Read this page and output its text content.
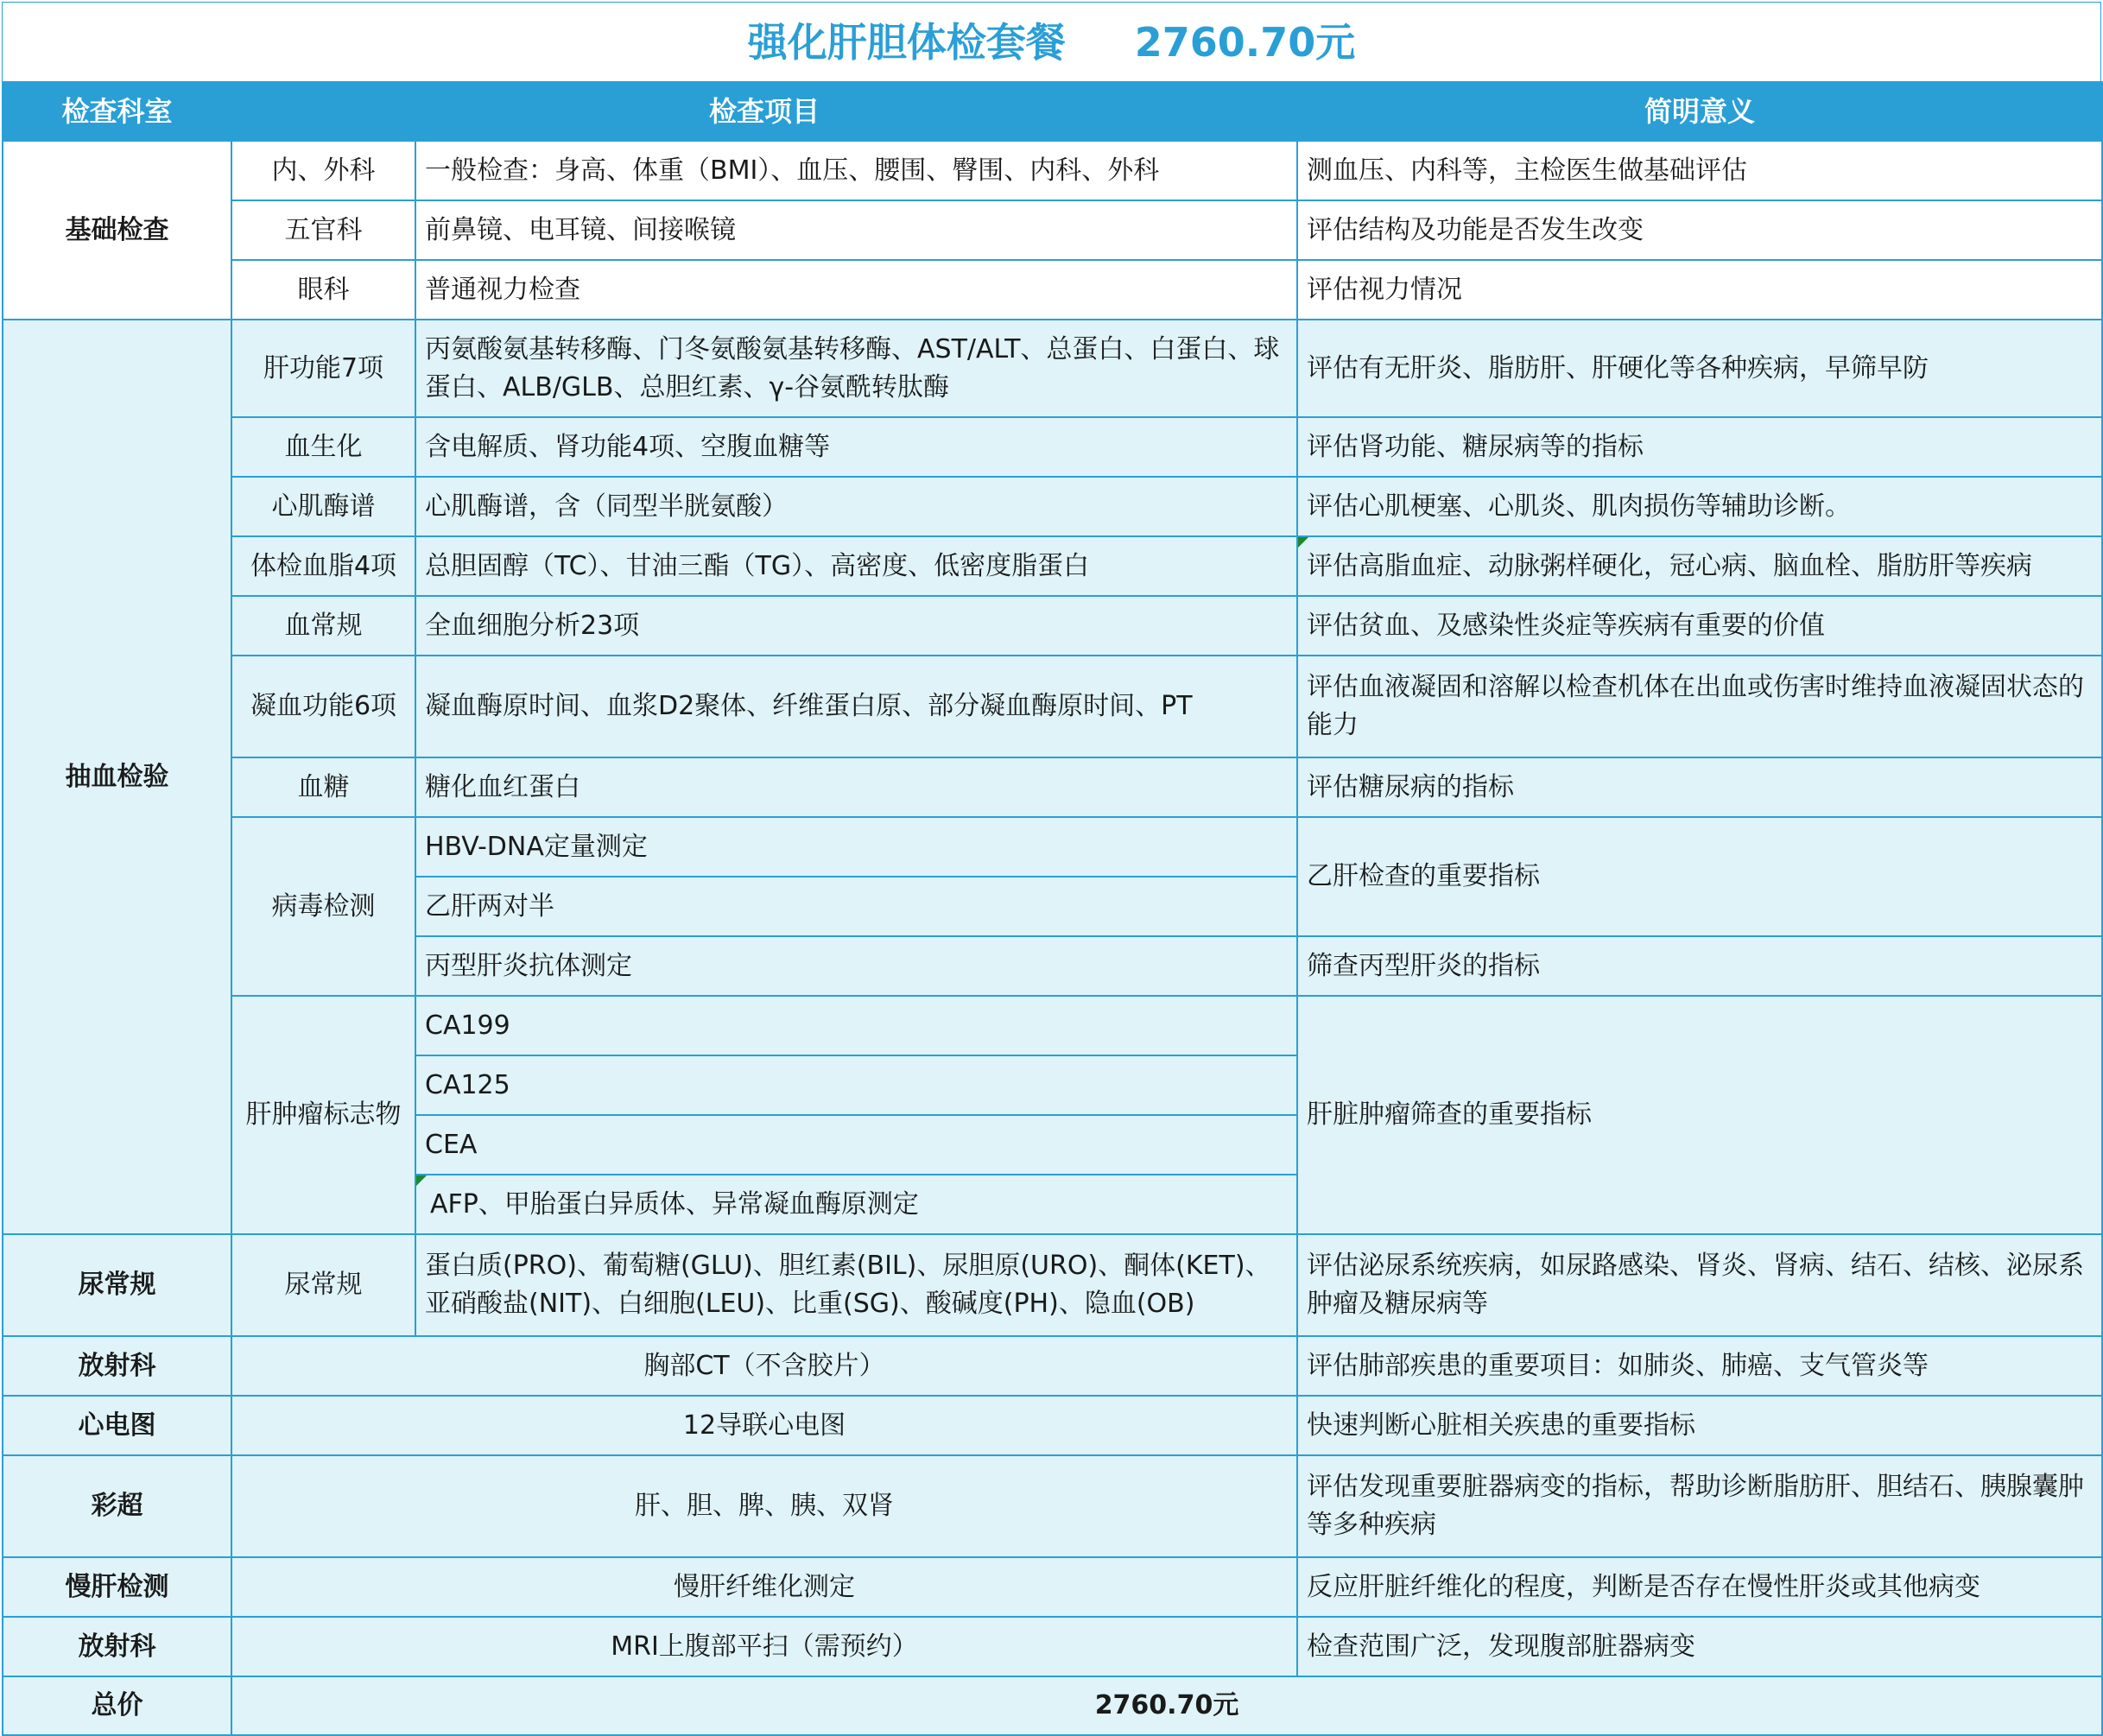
强化肝胆体检套餐     2760.70元
检查科室	检查项目		简明意义
基础检查	内、外科	一般检查：身高、体重（BMI）、血压、腰围、臀围、内科、外科	测血压、内科等，主检医生做基础评估
	五官科	前鼻镜、电耳镜、间接喉镜	评估结构及功能是否发生改变
	眼科	普通视力检查	评估视力情况
抽血检验	肝功能7项	丙氨酸氨基转移酶、门冬氨酸氨基转移酶、AST/ALT、总蛋白、白蛋白、球蛋白、ALB/GLB、总胆红素、γ-谷氨酰转肽酶	评估有无肝炎、脂肪肝、肝硬化等各种疾病，早筛早防
	血生化	含电解质、肾功能4项、空腹血糖等	评估肾功能、糖尿病等的指标
	心肌酶谱	心肌酶谱，含（同型半胱氨酸）	评估心肌梗塞、心肌炎、肌肉损伤等辅助诊断。
	体检血脂4项	总胆固醇（TC）、甘油三酯（TG）、高密度、低密度脂蛋白	评估高脂血症、动脉粥样硬化，冠心病、脑血栓、脂肪肝等疾病
	血常规	全血细胞分析23项	评估贫血、及感染性炎症等疾病有重要的价值
	凝血功能6项	凝血酶原时间、血浆D2聚体、纤维蛋白原、部分凝血酶原时间、PT	评估血液凝固和溶解以检查机体在出血或伤害时维持血液凝固状态的能力
	血糖	糖化血红蛋白	评估糖尿病的指标
	病毒检测	HBV-DNA定量测定	乙肝检查的重要指标
		乙肝两对半	
		丙型肝炎抗体测定	筛查丙型肝炎的指标
	肝肿瘤标志物	CA199	肝脏肿瘤筛查的重要指标
		CA125	
		CEA	
		AFP、甲胎蛋白异质体、异常凝血酶原测定	
尿常规	尿常规	蛋白质(PRO)、葡萄糖(GLU)、胆红素(BIL)、尿胆原(URO)、酮体(KET)、亚硝酸盐(NIT)、白细胞(LEU)、比重(SG)、酸碱度(PH)、隐血(OB)	评估泌尿系统疾病，如尿路感染、肾炎、肾病、结石、结核、泌尿系肿瘤及糖尿病等
放射科	胸部CT（不含胶片）		评估肺部疾患的重要项目：如肺炎、肺癌、支气管炎等
心电图	12导联心电图		快速判断心脏相关疾患的重要指标
彩超	肝、胆、脾、胰、双肾		评估发现重要脏器病变的指标，帮助诊断脂肪肝、胆结石、胰腺囊肿等多种疾病
慢肝检测	慢肝纤维化测定		反应肝脏纤维化的程度，判断是否存在慢性肝炎或其他病变
放射科	MRI上腹部平扫（需预约）		检查范围广泛，发现腹部脏器病变
总价	2760.70元		
